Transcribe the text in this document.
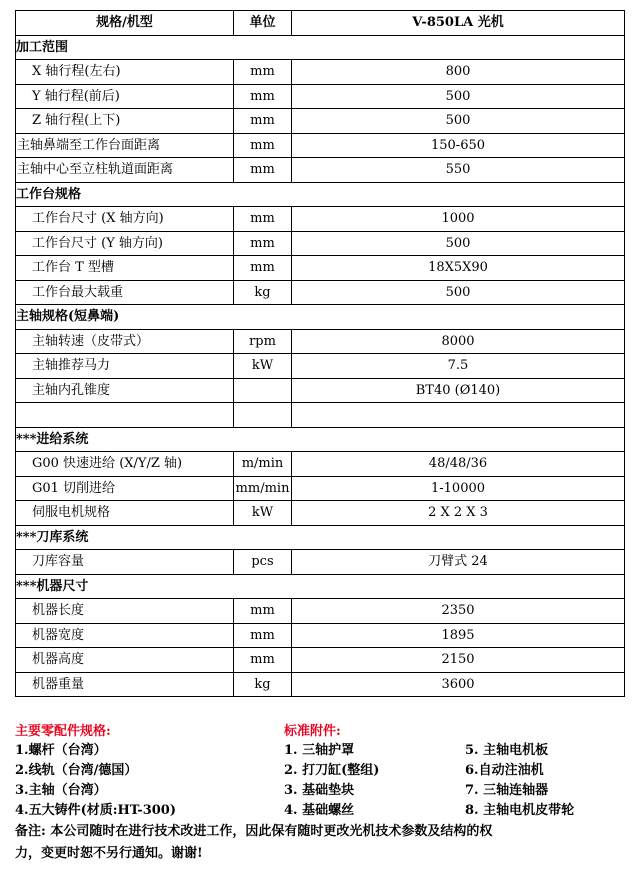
规格/机型	单位	V-850LA 光机
加工范围		
X 轴行程(左右)	mm	800
Y 轴行程(前后)	mm	500
Z 轴行程(上下)	mm	500
主轴鼻端至工作台面距离	mm	150-650
主轴中心至立柱轨道面距离	mm	550
工作台规格		
工作台尺寸 (X 轴方向)	mm	1000
工作台尺寸 (Y 轴方向)	mm	500
工作台 T 型槽	mm	18X5X90
工作台最大载重	kg	500
主轴规格(短鼻端)		
主轴转速（皮带式）	rpm	8000
主轴推荐马力	kW	7.5
主轴内孔锥度		BT40 (Ø140)

***进给系统		
G00 快速进给 (X/Y/Z 轴)	m/min	48/48/36
G01 切削进给	mm/min	1-10000
伺服电机规格	kW	2 X 2 X 3
***刀库系统		
刀库容量	pcs	刀臂式 24
***机器尺寸		
机器长度	mm	2350
机器宽度	mm	1895
机器高度	mm	2150
机器重量	kg	3600
主要零配件规格:	标准附件:
1.螺杆（台湾）
2.线轨（台湾/德国）
3.主轴（台湾）
4.五大铸件(材质:HT-300)
1. 三轴护罩
2. 打刀缸(整组)
3. 基础垫块
4. 基础螺丝
5. 主轴电机板
6.自动注油机
7. 三轴连轴器
8. 主轴电机皮带轮
备注: 本公司随时在进行技术改进工作，因此保有随时更改光机技术参数及结构的权
力，变更时恕不另行通知。谢谢!
